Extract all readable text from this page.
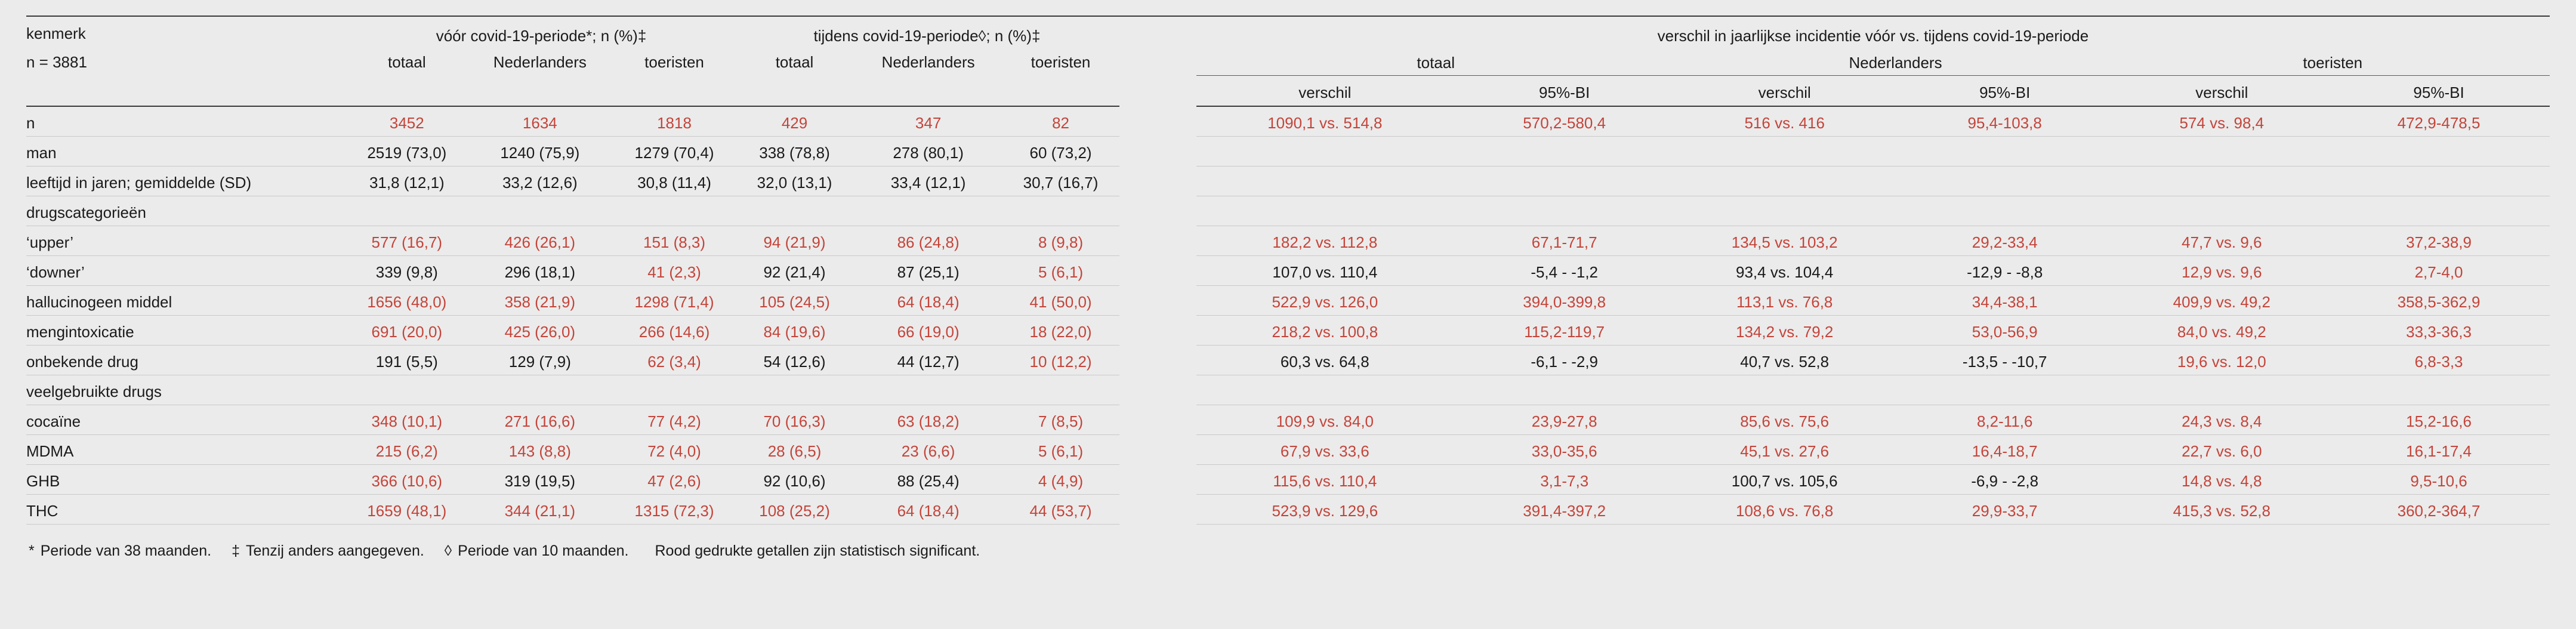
kenmerk	vóór covid-19-periode*; n (%)‡			tijdens covid-19-periode◊; n (%)‡				verschil in jaarlijkse incidentie vóór vs. tijdens covid-19-periode					
n = 3881	totaal	Nederlanders	toeristen	totaal	Nederlanders	toeristen		totaal		Nederlanders		toeristen	
								verschil	95%-BI	verschil	95%-BI	verschil	95%-BI
n	3452	1634	1818	429	347	82		1090,1 vs. 514,8	570,2-580,4	516 vs. 416	95,4-103,8	574 vs. 98,4	472,9-478,5
man	2519 (73,0)	1240 (75,9)	1279 (70,4)	338 (78,8)	278 (80,1)	60 (73,2)							
leeftijd in jaren; gemiddelde (SD)	31,8 (12,1)	33,2 (12,6)	30,8 (11,4)	32,0 (13,1)	33,4 (12,1)	30,7 (16,7)							
drugscategorieën													
‘upper’	577 (16,7)	426 (26,1)	151 (8,3)	94 (21,9)	86 (24,8)	8 (9,8)		182,2 vs. 112,8	67,1-71,7	134,5 vs. 103,2	29,2-33,4	47,7 vs. 9,6	37,2-38,9
‘downer’	339 (9,8)	296 (18,1)	41 (2,3)	92 (21,4)	87 (25,1)	5 (6,1)		107,0 vs. 110,4	-5,4 - -1,2	93,4 vs. 104,4	-12,9 - -8,8	12,9 vs. 9,6	2,7-4,0
hallucinogeen middel	1656 (48,0)	358 (21,9)	1298 (71,4)	105 (24,5)	64 (18,4)	41 (50,0)		522,9 vs. 126,0	394,0-399,8	113,1 vs. 76,8	34,4-38,1	409,9 vs. 49,2	358,5-362,9
mengintoxicatie	691 (20,0)	425 (26,0)	266 (14,6)	84 (19,6)	66 (19,0)	18 (22,0)		218,2 vs. 100,8	115,2-119,7	134,2 vs. 79,2	53,0-56,9	84,0 vs. 49,2	33,3-36,3
onbekende drug	191 (5,5)	129 (7,9)	62 (3,4)	54 (12,6)	44 (12,7)	10 (12,2)		60,3 vs. 64,8	-6,1 - -2,9	40,7 vs. 52,8	-13,5 - -10,7	19,6 vs. 12,0	6,8-3,3
veelgebruikte drugs													
cocaïne	348 (10,1)	271 (16,6)	77 (4,2)	70 (16,3)	63 (18,2)	7 (8,5)		109,9 vs. 84,0	23,9-27,8	85,6 vs. 75,6	8,2-11,6	24,3 vs. 8,4	15,2-16,6
MDMA	215 (6,2)	143 (8,8)	72 (4,0)	28 (6,5)	23 (6,6)	5 (6,1)		67,9 vs. 33,6	33,0-35,6	45,1 vs. 27,6	16,4-18,7	22,7 vs. 6,0	16,1-17,4
GHB	366 (10,6)	319 (19,5)	47 (2,6)	92 (10,6)	88 (25,4)	4 (4,9)		115,6 vs. 110,4	3,1-7,3	100,7 vs. 105,6	-6,9 - -2,8	14,8 vs. 4,8	9,5-10,6
THC	1659 (48,1)	344 (21,1)	1315 (72,3)	108 (25,2)	64 (18,4)	44 (53,7)		523,9 vs. 129,6	391,4-397,2	108,6 vs. 76,8	29,9-33,7	415,3 vs. 52,8	360,2-364,7
* Periode van 38 maanden. ‡ Tenzij anders aangegeven. ◊ Periode van 10 maanden. Rood gedrukte getallen zijn statistisch significant.
